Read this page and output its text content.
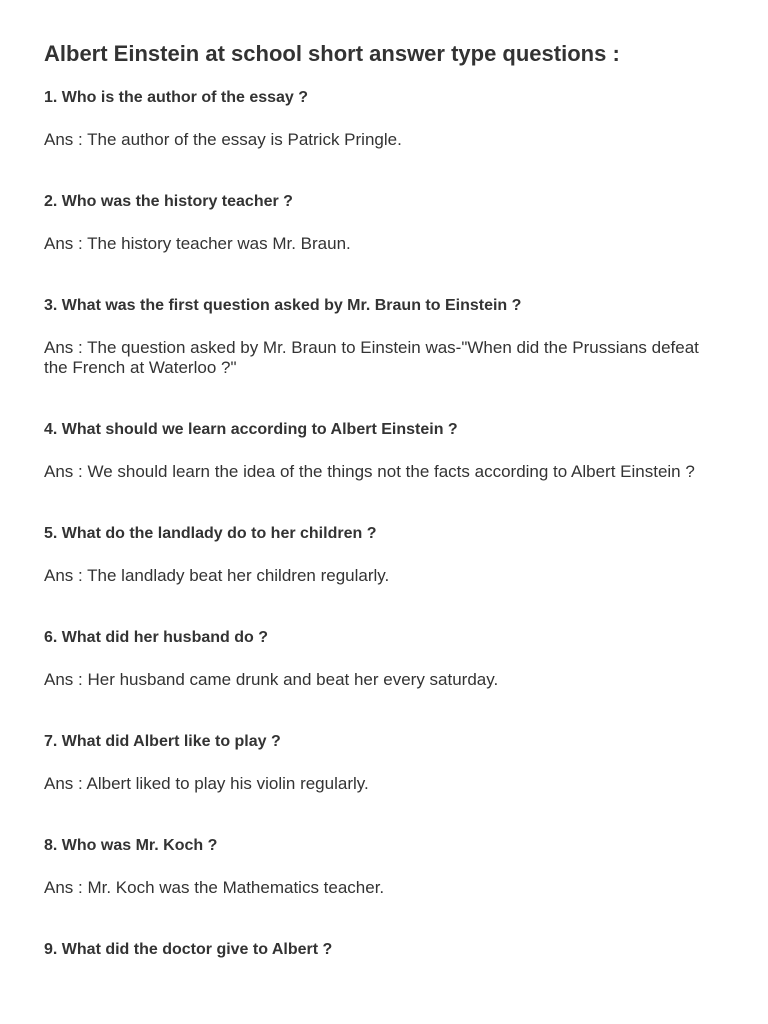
Albert Einstein at school short answer type questions :

1. Who is the author of the essay ?

Ans : The author of the essay is Patrick Pringle.

2. Who was the history teacher ?

Ans : The history teacher was Mr. Braun.

3. What was the first question asked by Mr. Braun to Einstein ?

Ans : The question asked by Mr. Braun to Einstein was-"When did the Prussians defeat the French at Waterloo ?"

4. What should we learn according to Albert Einstein ?

Ans : We should learn the idea of the things not the facts according to Albert Einstein ?

5. What do the landlady do to her children ?

Ans : The landlady beat her children regularly.

6. What did her husband do ?

Ans : Her husband came drunk and beat her every saturday.

7. What did Albert like to play ?

Ans : Albert liked to play his violin regularly.

8. Who was Mr. Koch ?

Ans : Mr. Koch was the Mathematics teacher.

9. What did the doctor give to Albert ?
